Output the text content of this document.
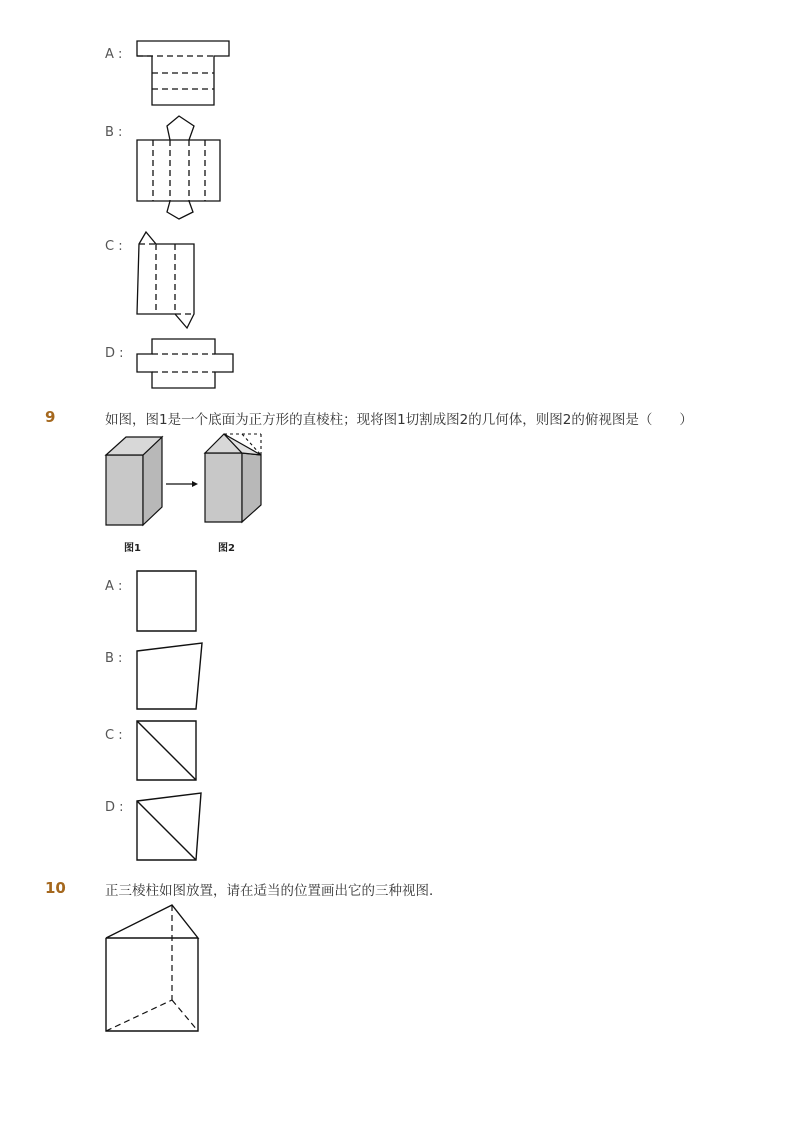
A :
B :
C :
D :
9	如图，图1是一个底面为正方形的直棱柱；现将图1切割成图2的几何体，则图2的俯视图是（　　）
图1	图2
A :
B :
C :
D :
10	正三棱柱如图放置，请在适当的位置画出它的三种视图．
